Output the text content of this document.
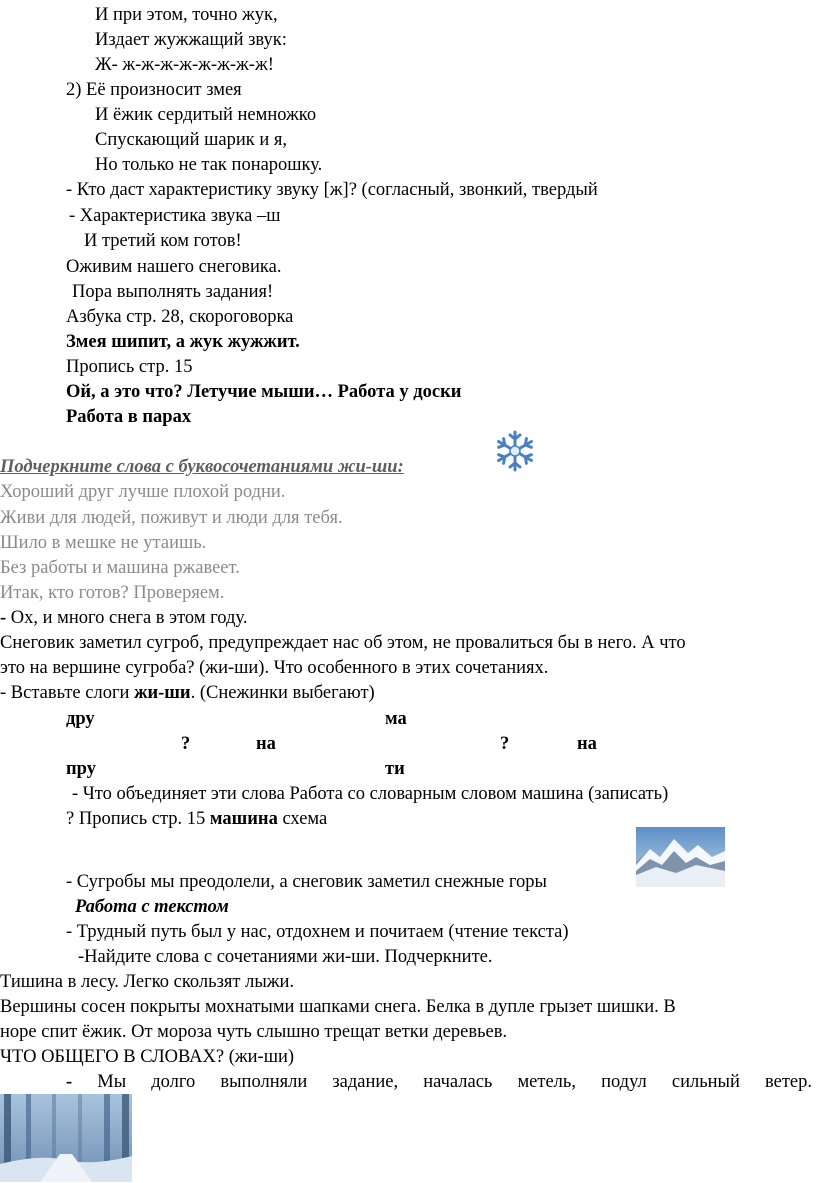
И при этом, точно жук,
Издает жужжащий звук:
Ж- ж-ж-ж-ж-ж-ж-ж-ж!
2) Её произносит змея
И ёжик сердитый немножко
Спускающий шарик и я,
Но только не так понарошку.
- Кто даст характеристику звуку [ж]? (согласный, звонкий, твердый
- Характеристика звука –ш
И третий ком готов!
Оживим нашего снеговика.
Пора выполнять задания!
Азбука стр. 28, скороговорка
Змея шипит, а жук жужжит.
Пропись стр. 15
Ой, а это что? Летучие мыши… Работа у доски
Работа в парах
Подчеркните слова с буквосочетаниями жи-ши:
Хороший друг лучше плохой родни.
Живи для людей, поживут и люди для тебя.
Шило в мешке не утаишь.
Без работы и машина ржавеет.
Итак, кто готов? Проверяем.
- Ох, и много снега в этом году.
Снеговик заметил сугроб, предупреждает нас об этом, не провалиться бы в него. А что
это на вершине сугроба? (жи-ши). Что особенного в этих сочетаниях.
- Вставьте слоги жи-ши. (Снежинки выбегают)
дру	ма
?	на	?	на
пру	ти
- Что объединяет эти слова Работа со словарным словом машина (записать)
? Пропись стр. 15 машина схема
- Сугробы мы преодолели, а снеговик заметил снежные горы
Работа с текстом
- Трудный путь был у нас, отдохнем и почитаем (чтение текста)
-Найдите слова с сочетаниями жи-ши. Подчеркните.
Тишина в лесу. Легко скользят лыжи.
Вершины сосен покрыты мохнатыми шапками снега. Белка в дупле грызет шишки. В
норе спит ёжик. От мороза чуть слышно трещат ветки деревьев.
ЧТО ОБЩЕГО В СЛОВАХ? (жи-ши)
- Мы долго выполняли задание, началась метель, подул сильный ветер.
